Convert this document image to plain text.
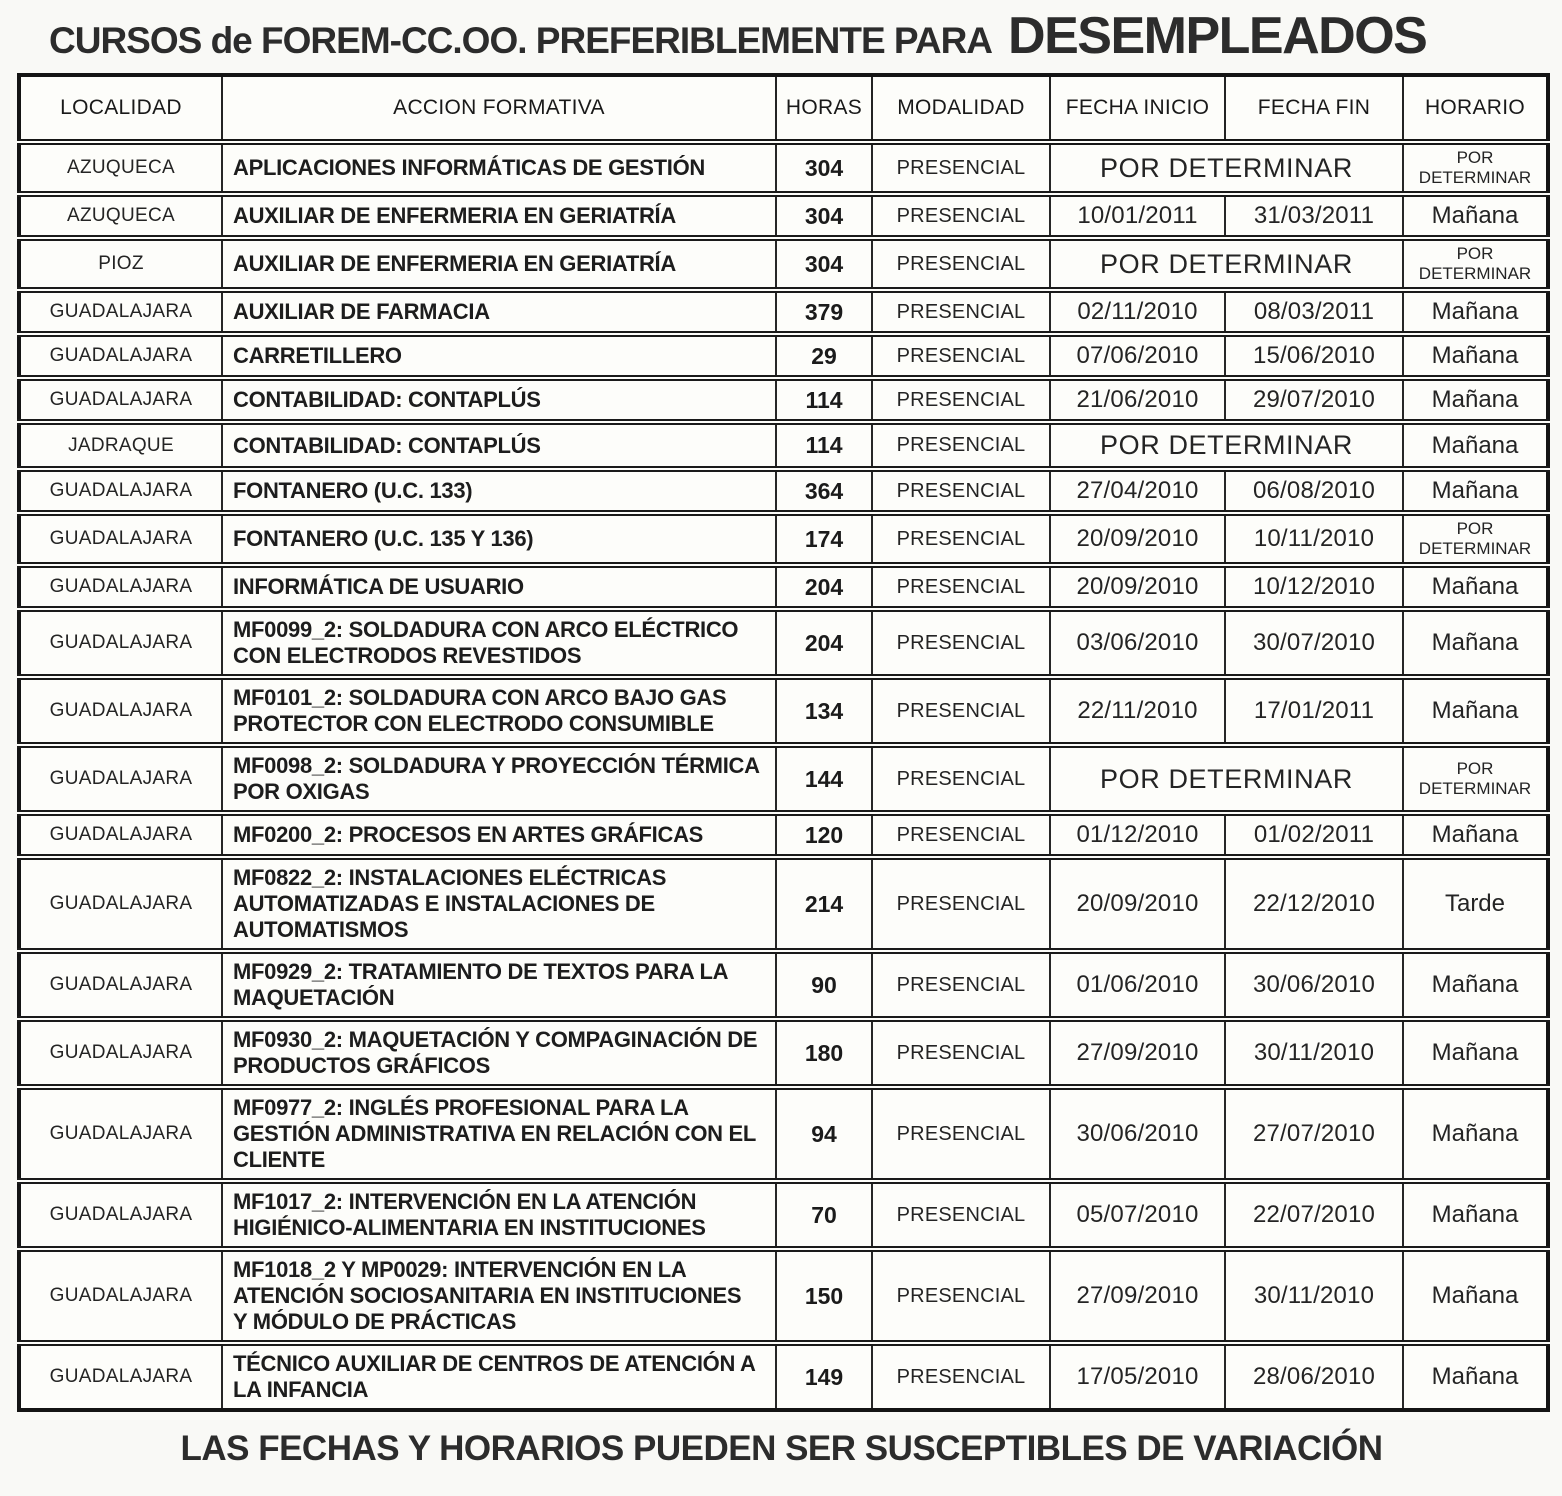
CURSOS de FOREM-CC.OO. PREFERIBLEMENTE PARA DESEMPLEADOS
LOCALIDAD	ACCION FORMATIVA	HORAS	MODALIDAD	FECHA INICIO	FECHA FIN	HORARIO
AZUQUECA	APLICACIONES INFORMÁTICAS DE GESTIÓN	304	PRESENCIAL	POR DETERMINAR		POR DETERMINAR
AZUQUECA	AUXILIAR DE ENFERMERIA EN GERIATRÍA	304	PRESENCIAL	10/01/2011	31/03/2011	Mañana
PIOZ	AUXILIAR DE ENFERMERIA EN GERIATRÍA	304	PRESENCIAL	POR DETERMINAR		POR DETERMINAR
GUADALAJARA	AUXILIAR DE FARMACIA	379	PRESENCIAL	02/11/2010	08/03/2011	Mañana
GUADALAJARA	CARRETILLERO	29	PRESENCIAL	07/06/2010	15/06/2010	Mañana
GUADALAJARA	CONTABILIDAD: CONTAPLÚS	114	PRESENCIAL	21/06/2010	29/07/2010	Mañana
JADRAQUE	CONTABILIDAD: CONTAPLÚS	114	PRESENCIAL	POR DETERMINAR		Mañana
GUADALAJARA	FONTANERO (U.C. 133)	364	PRESENCIAL	27/04/2010	06/08/2010	Mañana
GUADALAJARA	FONTANERO (U.C. 135 Y 136)	174	PRESENCIAL	20/09/2010	10/11/2010	POR DETERMINAR
GUADALAJARA	INFORMÁTICA DE USUARIO	204	PRESENCIAL	20/09/2010	10/12/2010	Mañana
GUADALAJARA	MF0099_2: SOLDADURA CON ARCO ELÉCTRICO CON ELECTRODOS REVESTIDOS	204	PRESENCIAL	03/06/2010	30/07/2010	Mañana
GUADALAJARA	MF0101_2: SOLDADURA CON ARCO BAJO GAS PROTECTOR CON ELECTRODO CONSUMIBLE	134	PRESENCIAL	22/11/2010	17/01/2011	Mañana
GUADALAJARA	MF0098_2: SOLDADURA Y PROYECCIÓN TÉRMICA POR OXIGAS	144	PRESENCIAL	POR DETERMINAR		POR DETERMINAR
GUADALAJARA	MF0200_2: PROCESOS EN ARTES GRÁFICAS	120	PRESENCIAL	01/12/2010	01/02/2011	Mañana
GUADALAJARA	MF0822_2: INSTALACIONES ELÉCTRICAS AUTOMATIZADAS E INSTALACIONES DE AUTOMATISMOS	214	PRESENCIAL	20/09/2010	22/12/2010	Tarde
GUADALAJARA	MF0929_2: TRATAMIENTO DE TEXTOS PARA LA MAQUETACIÓN	90	PRESENCIAL	01/06/2010	30/06/2010	Mañana
GUADALAJARA	MF0930_2: MAQUETACIÓN Y COMPAGINACIÓN DE PRODUCTOS GRÁFICOS	180	PRESENCIAL	27/09/2010	30/11/2010	Mañana
GUADALAJARA	MF0977_2: INGLÉS PROFESIONAL PARA LA GESTIÓN ADMINISTRATIVA EN RELACIÓN CON EL CLIENTE	94	PRESENCIAL	30/06/2010	27/07/2010	Mañana
GUADALAJARA	MF1017_2: INTERVENCIÓN EN LA ATENCIÓN HIGIÉNICO-ALIMENTARIA EN INSTITUCIONES	70	PRESENCIAL	05/07/2010	22/07/2010	Mañana
GUADALAJARA	MF1018_2 Y MP0029: INTERVENCIÓN EN LA ATENCIÓN SOCIOSANITARIA EN INSTITUCIONES Y MÓDULO DE PRÁCTICAS	150	PRESENCIAL	27/09/2010	30/11/2010	Mañana
GUADALAJARA	TÉCNICO AUXILIAR DE CENTROS DE ATENCIÓN A LA INFANCIA	149	PRESENCIAL	17/05/2010	28/06/2010	Mañana
LAS FECHAS Y HORARIOS PUEDEN SER SUSCEPTIBLES DE VARIACIÓN
